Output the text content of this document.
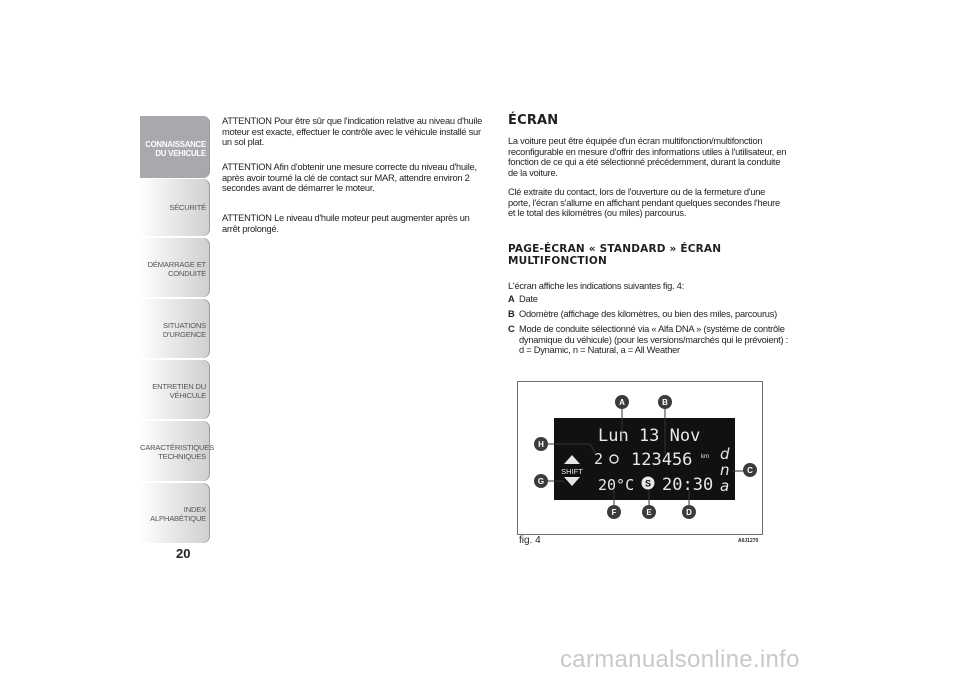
CONNAISSANCE
DU VEHICULE
SÉCURITÉ
DÉMARRAGE ET
CONDUITE
SITUATIONS
D'URGENCE
ENTRETIEN DU
VÉHICULE
CARACTÉRISTIQUES
TECHNIQUES
INDEX
ALPHABÉTIQUE
20

ATTENTION Pour être sûr que l'indication relative au niveau d'huile moteur est exacte, effectuer le contrôle avec le véhicule installé sur un sol plat.

ATTENTION Afin d'obtenir une mesure correcte du niveau d'huile, après avoir tourné la clé de contact sur MAR, attendre environ 2 secondes avant de démarrer le moteur.

ATTENTION Le niveau d'huile moteur peut augmenter après un arrêt prolongé.

ÉCRAN

La voiture peut être équipée d'un écran multifonction/multifonction reconfigurable en mesure d'offrir des informations utiles à l'utilisateur, en fonction de ce qui a été sélectionné précédemment, durant la conduite de la voiture.

Clé extraite du contact, lors de l'ouverture ou de la fermeture d'une porte, l'écran s'allume en affichant pendant quelques secondes l'heure et le total des kilomètres (ou miles) parcourus.

PAGE-ÉCRAN « STANDARD » ÉCRAN MULTIFONCTION

L'écran affiche les indications suivantes fig. 4:

A Date
B Odomètre (affichage des kilomètres, ou bien des miles, parcourus)
C Mode de conduite sélectionné via « Alfa DNA » (système de contrôle dynamique du véhicule) (pour les versions/marchés qui le prévoient) : d = Dynamic, n = Natural, a = All Weather
SHIFT
Lun 13 Nov
2 123456 km d
n
a
20°C S 20:30
A	B
C
D
E
F
G
H
fig. 4	A0J1270
carmanualsonline.info
